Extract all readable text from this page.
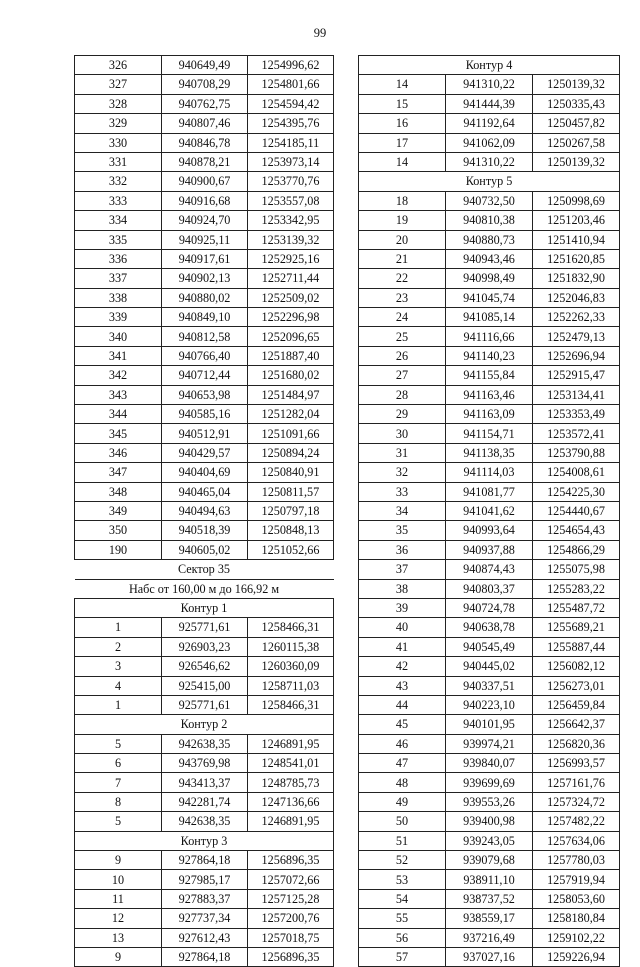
99
326	940649,49	1254996,62
327	940708,29	1254801,66
328	940762,75	1254594,42
329	940807,46	1254395,76
330	940846,78	1254185,11
331	940878,21	1253973,14
332	940900,67	1253770,76
333	940916,68	1253557,08
334	940924,70	1253342,95
335	940925,11	1253139,32
336	940917,61	1252925,16
337	940902,13	1252711,44
338	940880,02	1252509,02
339	940849,10	1252296,98
340	940812,58	1252096,65
341	940766,40	1251887,40
342	940712,44	1251680,02
343	940653,98	1251484,97
344	940585,16	1251282,04
345	940512,91	1251091,66
346	940429,57	1250894,24
347	940404,69	1250840,91
348	940465,04	1250811,57
349	940494,63	1250797,18
350	940518,39	1250848,13
190	940605,02	1251052,66
Сектор 35		
Набс от 160,00 м до 166,92 м		
Контур 1		
1	925771,61	1258466,31
2	926903,23	1260115,38
3	926546,62	1260360,09
4	925415,00	1258711,03
1	925771,61	1258466,31
Контур 2		
5	942638,35	1246891,95
6	943769,98	1248541,01
7	943413,37	1248785,73
8	942281,74	1247136,66
5	942638,35	1246891,95
Контур 3		
9	927864,18	1256896,35
10	927985,17	1257072,66
11	927883,37	1257125,28
12	927737,34	1257200,76
13	927612,43	1257018,75
9	927864,18	1256896,35
Контур 4		
14	941310,22	1250139,32
15	941444,39	1250335,43
16	941192,64	1250457,82
17	941062,09	1250267,58
14	941310,22	1250139,32
Контур 5		
18	940732,50	1250998,69
19	940810,38	1251203,46
20	940880,73	1251410,94
21	940943,46	1251620,85
22	940998,49	1251832,90
23	941045,74	1252046,83
24	941085,14	1252262,33
25	941116,66	1252479,13
26	941140,23	1252696,94
27	941155,84	1252915,47
28	941163,46	1253134,41
29	941163,09	1253353,49
30	941154,71	1253572,41
31	941138,35	1253790,88
32	941114,03	1254008,61
33	941081,77	1254225,30
34	941041,62	1254440,67
35	940993,64	1254654,43
36	940937,88	1254866,29
37	940874,43	1255075,98
38	940803,37	1255283,22
39	940724,78	1255487,72
40	940638,78	1255689,21
41	940545,49	1255887,44
42	940445,02	1256082,12
43	940337,51	1256273,01
44	940223,10	1256459,84
45	940101,95	1256642,37
46	939974,21	1256820,36
47	939840,07	1256993,57
48	939699,69	1257161,76
49	939553,26	1257324,72
50	939400,98	1257482,22
51	939243,05	1257634,06
52	939079,68	1257780,03
53	938911,10	1257919,94
54	938737,52	1258053,60
55	938559,17	1258180,84
56	937216,49	1259102,22
57	937027,16	1259226,94
